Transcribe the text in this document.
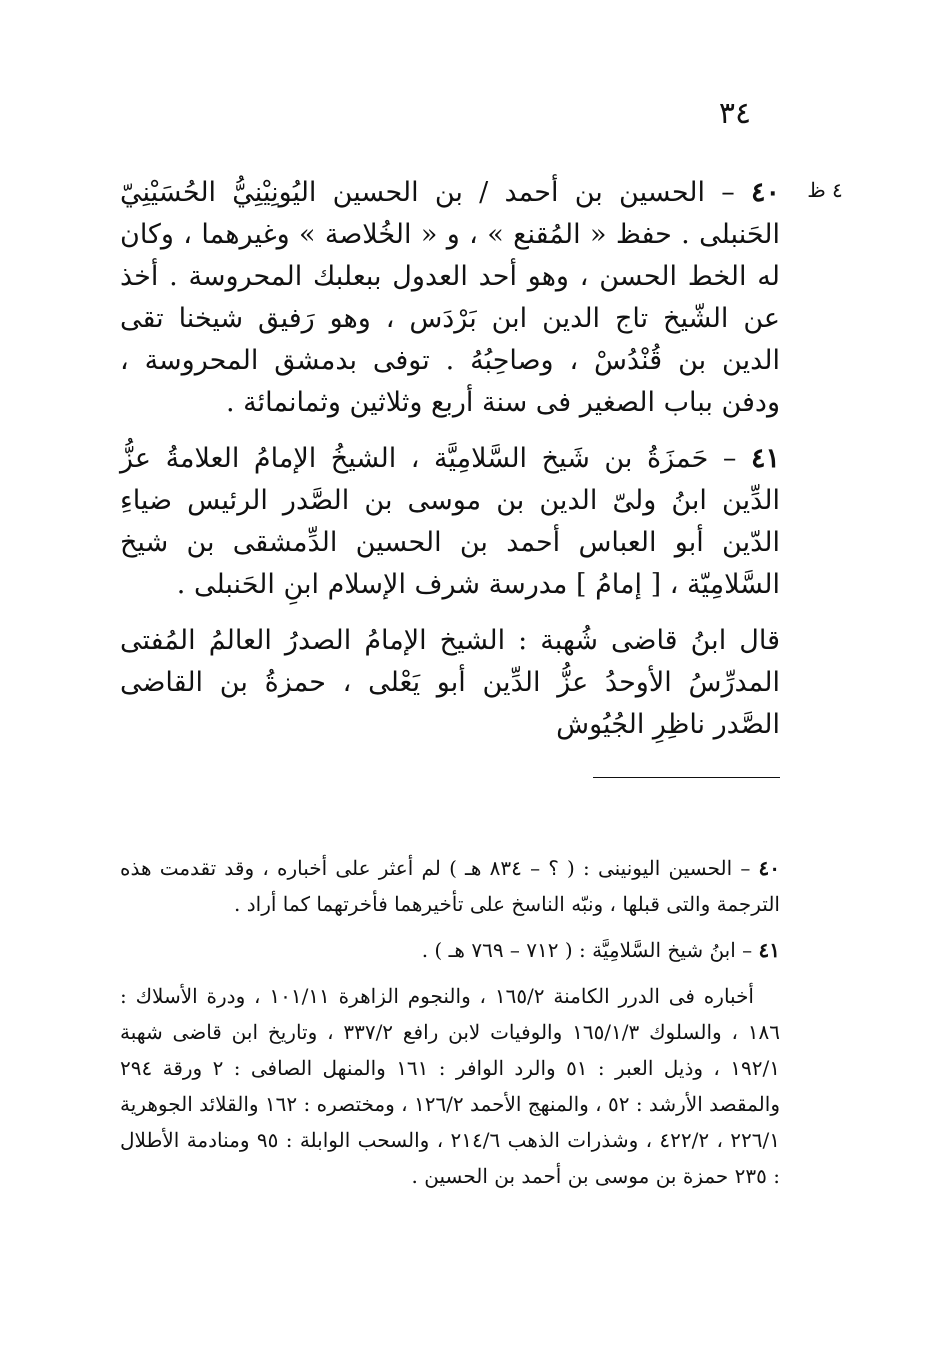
٣٤
٤ ظ

٤٠ – الحسين بن أحمد / بن الحسين اليُونِيْنِيُّ الحُسَيْنِيّ الحَنبلى . حفظ « المُقنع » ، و « الخُلاصة » وغيرهما ، وكان له الخط الحسن ، وهو أحد العدول ببعلبك المحروسة . أخذ عن الشّيخ تاج الدين ابن بَرْدَس ، وهو رَفيق شيخنا تقى الدين بن قُنْدُسْ ، وصاحِبُهُ . توفى بدمشق المحروسة ، ودفن بباب الصغير فى سنة أربع وثلاثين وثمانمائة .

٤١ – حَمزَةُ بن شَيخ السَّلامِيَّة ، الشيخُ الإمامُ العلامةُ عزُّ الدِّين ابنُ ولىّ الدين بن موسى بن الصَّدر الرئيس ضياءِ الدّين أبو العباس أحمد بن الحسين الدِّمشقى بن شيخ السَّلامِيّة ، [ إمامُ ] مدرسة شرف الإسلام ابنِ الحَنبلى .

قال ابنُ قاضى شُهبة : الشيخ الإمامُ الصدرُ العالمُ المُفتى المدرِّسُ الأوحدُ عزُّ الدِّين أبو يَعْلى ، حمزةُ بن القاضى الصَّدر ناظِرِ الجُيُوش

٤٠ – الحسين اليونينى : ( ؟ – ٨٣٤ هـ ) لم أعثر على أخباره ، وقد تقدمت هذه الترجمة والتى قبلها ، ونبّه الناسخ على تأخيرهما فأخرتهما كما أراد .

٤١ – ابنُ شيخ السَّلامِيَّة : ( ٧١٢ – ٧٦٩ هـ ) .

أخباره فى الدرر الكامنة ١٦٥/٢ ، والنجوم الزاهرة ١٠١/١١ ، ودرة الأسلاك : ١٨٦ ، والسلوك ١٦٥/١/٣ والوفيات لابن رافع ٣٣٧/٢ ، وتاريخ ابن قاضى شهبة ١٩٢/١ ، وذيل العبر : ٥١ والرد الوافر : ١٦١ والمنهل الصافى : ٢ ورقة ٢٩٤ والمقصد الأرشد : ٥٢ ، والمنهج الأحمد ١٢٦/٢ ، ومختصره : ١٦٢ والقلائد الجوهرية ٢٢٦/١ ، ٤٢٢/٢ ، وشذرات الذهب ٢١٤/٦ ، والسحب الوابلة : ٩٥ ومنادمة الأطلال : ٢٣٥ حمزة بن موسى بن أحمد بن الحسين .
